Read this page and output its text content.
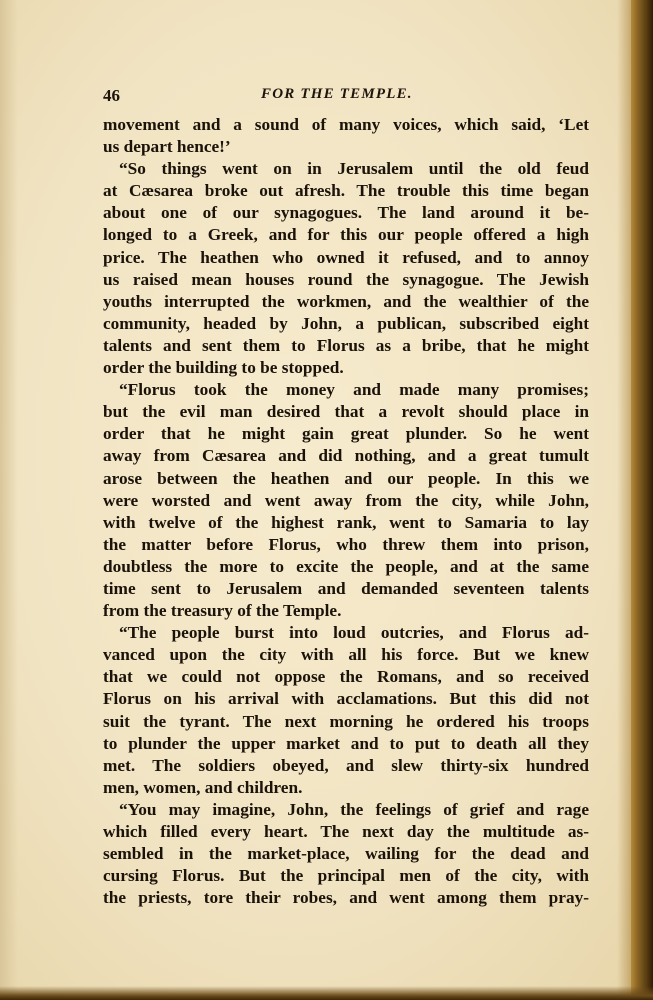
46	FOR THE TEMPLE.
movement and a sound of many voices, which said, ‘Let
us depart hence!’
“So things went on in Jerusalem until the old feud
at Cæsarea broke out afresh. The trouble this time began
about one of our synagogues. The land around it be-
longed to a Greek, and for this our people offered a high
price. The heathen who owned it refused, and to annoy
us raised mean houses round the synagogue. The Jewish
youths interrupted the workmen, and the wealthier of the
community, headed by John, a publican, subscribed eight
talents and sent them to Florus as a bribe, that he might
order the building to be stopped.
“Florus took the money and made many promises;
but the evil man desired that a revolt should place in
order that he might gain great plunder. So he went
away from Cæsarea and did nothing, and a great tumult
arose between the heathen and our people. In this we
were worsted and went away from the city, while John,
with twelve of the highest rank, went to Samaria to lay
the matter before Florus, who threw them into prison,
doubtless the more to excite the people, and at the same
time sent to Jerusalem and demanded seventeen talents
from the treasury of the Temple.
“The people burst into loud outcries, and Florus ad-
vanced upon the city with all his force. But we knew
that we could not oppose the Romans, and so received
Florus on his arrival with acclamations. But this did not
suit the tyrant. The next morning he ordered his troops
to plunder the upper market and to put to death all they
met. The soldiers obeyed, and slew thirty-six hundred
men, women, and children.
“You may imagine, John, the feelings of grief and rage
which filled every heart. The next day the multitude as-
sembled in the market-place, wailing for the dead and
cursing Florus. But the principal men of the city, with
the priests, tore their robes, and went among them pray-
